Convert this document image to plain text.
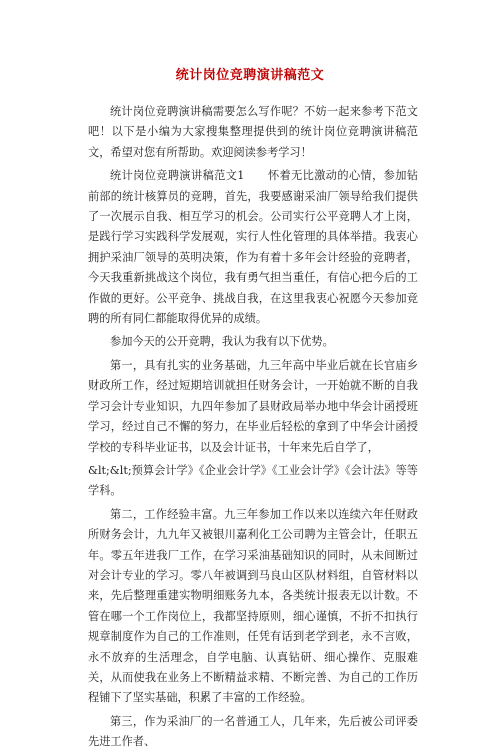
统计岗位竞聘演讲稿范文

统计岗位竞聘演讲稿需要怎么写作呢？不妨一起来参考下范文吧！以下是小编为大家搜集整理提供到的统计岗位竞聘演讲稿范文，希望对您有所帮助。欢迎阅读参考学习！

统计岗位竞聘演讲稿范文1　　怀着无比激动的心情，参加钻前部的统计核算员的竞聘，首先，我要感谢采油厂领导给我们提供了一次展示自我、相互学习的机会。公司实行公平竞聘人才上岗，是践行学习实践科学发展观，实行人性化管理的具体举措。我衷心拥护采油厂领导的英明决策，作为有着十多年会计经验的竞聘者，今天我重新挑战这个岗位，我有勇气担当重任，有信心把今后的工作做的更好。公平竞争、挑战自我，在这里我衷心祝愿今天参加竞聘的所有同仁都能取得优异的成绩。

参加今天的公开竞聘，我认为我有以下优势。

第一，具有扎实的业务基础，九三年高中毕业后就在长官庙乡财政所工作，经过短期培训就担任财务会计，一开始就不断的自我学习会计专业知识，九四年参加了县财政局举办地中华会计函授班学习，经过自己不懈的努力，在毕业后轻松的拿到了中华会计函授学校的专科毕业证书，以及会计证书，十年来先后自学了，

&lt;&lt;预算会计学》《企业会计学》《工业会计学》《会计法》等等学科。

第二，工作经验丰富。九三年参加工作以来以连续六年任财政所财务会计，九九年又被银川嘉利化工公司聘为主管会计，任职五年。零五年进我厂工作，在学习采油基础知识的同时，从未间断过对会计专业的学习。零八年被调到马良山区队材料组，自管材料以来，先后整理重建实物明细账务九本，各类统计报表无以计数。不管在哪一个工作岗位上，我都坚持原则，细心谨慎，不折不扣执行规章制度作为自己的工作准则，任凭有话到老学到老，永不言败，永不放弃的生活理念，自学电脑、认真钻研、细心操作、克服难关，从而使我在业务上不断精益求精、不断完善、为自己的工作历程铺下了坚实基础，积累了丰富的工作经验。

第三，作为采油厂的一名普通工人，几年来，先后被公司评委先进工作者、
